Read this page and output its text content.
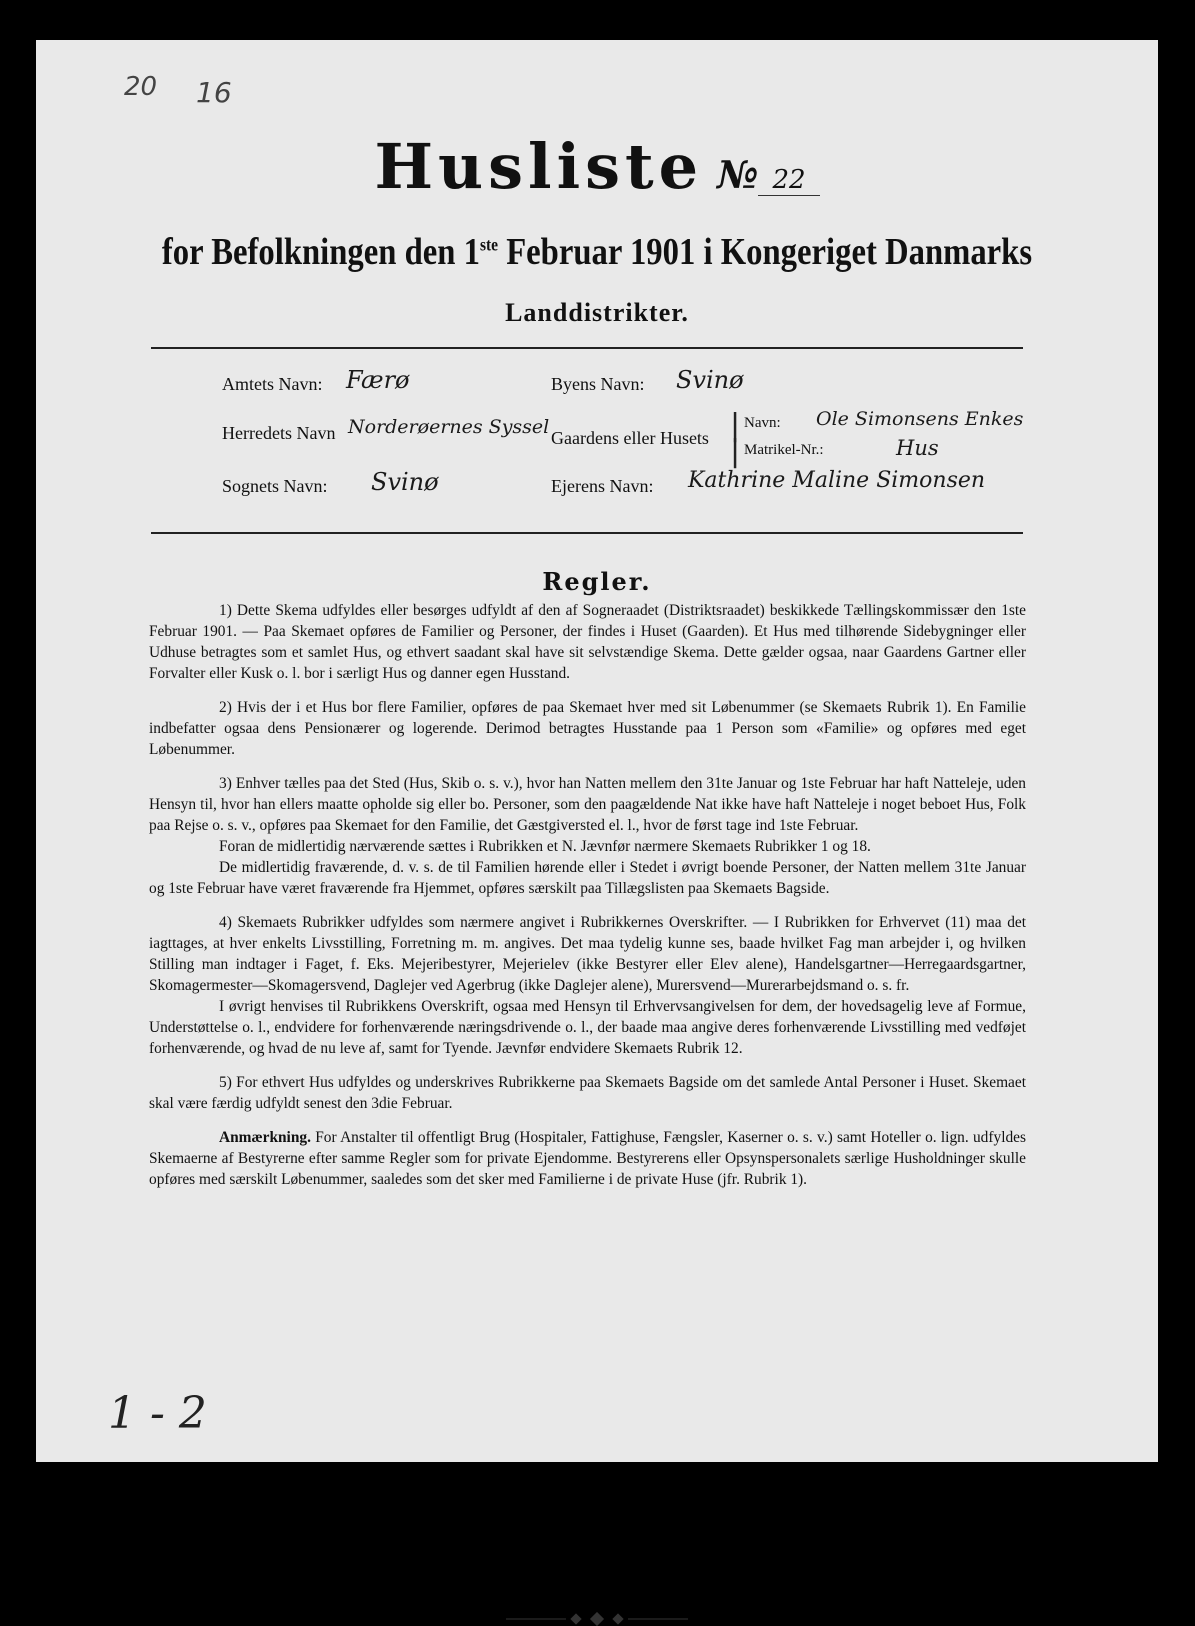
20 16
Husliste № 22
for Befolkningen den 1ste Februar 1901 i Kongeriget Danmarks
Landdistrikter.
Amtets Navn: Færø	Byens Navn: Svinø
Herredets Navn Norderøernes Syssel Gaardens eller Husets |
|
Navn: Ole Simonsens Enkes
Matrikel-Nr.:	Hus
Sognets Navn: Svinø	Ejerens Navn: Kathrine Maline Simonsen
Regler.

1) Dette Skema udfyldes eller besørges udfyldt af den af Sogneraadet (Distriktsraadet) beskikkede Tællingskommissær den 1ste Februar 1901. — Paa Skemaet opføres de Familier og Personer, der findes i Huset (Gaarden). Et Hus med tilhørende Sidebygninger eller Udhuse betragtes som et samlet Hus, og ethvert saadant skal have sit selvstændige Skema. Dette gælder ogsaa, naar Gaardens Gartner eller Forvalter eller Kusk o. l. bor i særligt Hus og danner egen Husstand.

2) Hvis der i et Hus bor flere Familier, opføres de paa Skemaet hver med sit Løbenummer (se Skemaets Rubrik 1). En Familie indbefatter ogsaa dens Pensionærer og logerende. Derimod betragtes Husstande paa 1 Person som «Familie» og opføres med eget Løbenummer.

3) Enhver tælles paa det Sted (Hus, Skib o. s. v.), hvor han Natten mellem den 31te Januar og 1ste Februar har haft Natteleje, uden Hensyn til, hvor han ellers maatte opholde sig eller bo. Personer, som den paagældende Nat ikke have haft Natteleje i noget beboet Hus, Folk paa Rejse o. s. v., opføres paa Skemaet for den Familie, det Gæstgiversted el. l., hvor de først tage ind 1ste Februar.

Foran de midlertidig nærværende sættes i Rubrikken et N. Jævnfør nærmere Skemaets Rubrikker 1 og 18.

De midlertidig fraværende, d. v. s. de til Familien hørende eller i Stedet i øvrigt boende Personer, der Natten mellem 31te Januar og 1ste Februar have været fraværende fra Hjemmet, opføres særskilt paa Tillægslisten paa Skemaets Bagside.

4) Skemaets Rubrikker udfyldes som nærmere angivet i Rubrikkernes Overskrifter. — I Rubrikken for Erhvervet (11) maa det iagttages, at hver enkelts Livsstilling, Forretning m. m. angives. Det maa tydelig kunne ses, baade hvilket Fag man arbejder i, og hvilken Stilling man indtager i Faget, f. Eks. Mejeribestyrer, Mejerielev (ikke Bestyrer eller Elev alene), Handelsgartner—Herregaardsgartner, Skomagermester—Skomagersvend, Daglejer ved Agerbrug (ikke Daglejer alene), Murersvend—Murerarbejdsmand o. s. fr.

I øvrigt henvises til Rubrikkens Overskrift, ogsaa med Hensyn til Erhvervsangivelsen for dem, der hovedsagelig leve af Formue, Understøttelse o. l., endvidere for forhenværende næringsdrivende o. l., der baade maa angive deres forhenværende Livsstilling med vedføjet forhenværende, og hvad de nu leve af, samt for Tyende. Jævnfør endvidere Skemaets Rubrik 12.

5) For ethvert Hus udfyldes og underskrives Rubrikkerne paa Skemaets Bagside om det samlede Antal Personer i Huset. Skemaet skal være færdig udfyldt senest den 3die Februar.

Anmærkning. For Anstalter til offentligt Brug (Hospitaler, Fattighuse, Fængsler, Kaserner o. s. v.) samt Hoteller o. lign. udfyldes Skemaerne af Bestyrerne efter samme Regler som for private Ejendomme. Bestyrerens eller Opsynspersonalets særlige Husholdninger skulle opføres med særskilt Løbenummer, saaledes som det sker med Familierne i de private Huse (jfr. Rubrik 1).

1 - 2
